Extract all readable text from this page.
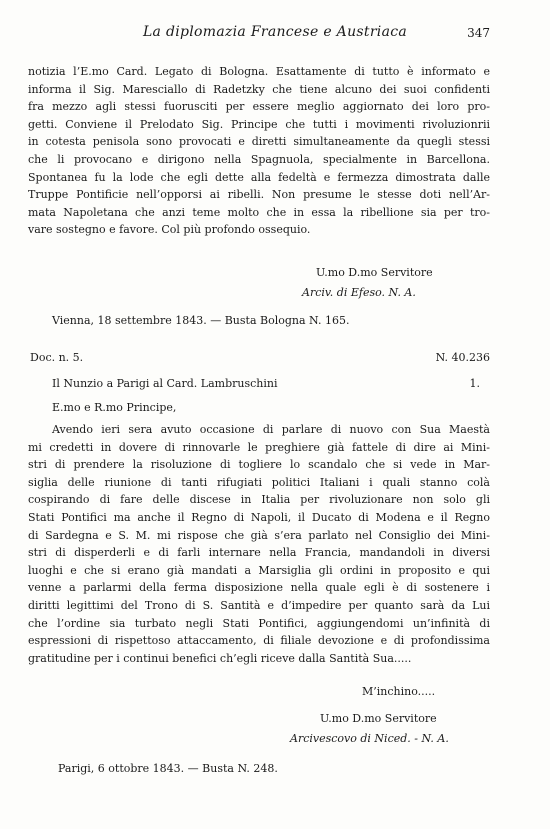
La diplomazia Francese e Austriaca	347
notizia l’E.mo Card. Legato di Bologna. Esattamente di tutto è informato e
informa il Sig. Maresciallo di Radetzky che tiene alcuno dei suoi confidenti
fra mezzo agli stessi fuorusciti per essere meglio aggiornato dei loro pro-
getti. Conviene il Prelodato Sig. Principe che tutti i movimenti rivoluzionrii
in cotesta penisola sono provocati e diretti simultaneamente da quegli stessi
che li provocano e dirigono nella Spagnuola, specialmente in Barcellona.
Spontanea fu la lode che egli dette alla fedeltà e fermezza dimostrata dalle
Truppe Pontificie nell’opporsi ai ribelli. Non presume le stesse doti nell’Ar-
mata Napoletana che anzi teme molto che in essa la ribellione sia per tro-
vare sostegno e favore. Col più profondo ossequio.
U.mo D.mo Servitore
Arciv. di Efeso. N. A.
Vienna, 18 settembre 1843. — Busta Bologna N. 165.
Doc. n. 5.	N. 40.236
Il Nunzio a Parigi al Card. Lambruschini	1.
E.mo e R.mo Principe,
Avendo ieri sera avuto occasione di parlare di nuovo con Sua Maestà
mi credetti in dovere di rinnovarle le preghiere già fattele di dire ai Mini-
stri di prendere la risoluzione di togliere lo scandalo che si vede in Mar-
siglia delle riunione di tanti rifugiati politici Italiani i quali stanno colà
cospirando di fare delle discese in Italia per rivoluzionare non solo gli
Stati Pontifici ma anche il Regno di Napoli, il Ducato di Modena e il Regno
di Sardegna e S. M. mi rispose che già s’era parlato nel Consiglio dei Mini-
stri di disperderli e di farli internare nella Francia, mandandoli in diversi
luoghi e che si erano già mandati a Marsiglia gli ordini in proposito e qui
venne a parlarmi della ferma disposizione nella quale egli è di sostenere i
diritti legittimi del Trono di S. Santità e d’impedire per quanto sarà da Lui
che l’ordine sia turbato negli Stati Pontifici, aggiungendomi un’infinità di
espressioni di rispettoso attaccamento, di filiale devozione e di profondissima
gratitudine per i continui benefici ch’egli riceve dalla Santità Sua.....
M’inchino.....
U.mo D.mo Servitore
Arcivescovo di Niced. - N. A.
Parigi, 6 ottobre 1843. — Busta N. 248.
